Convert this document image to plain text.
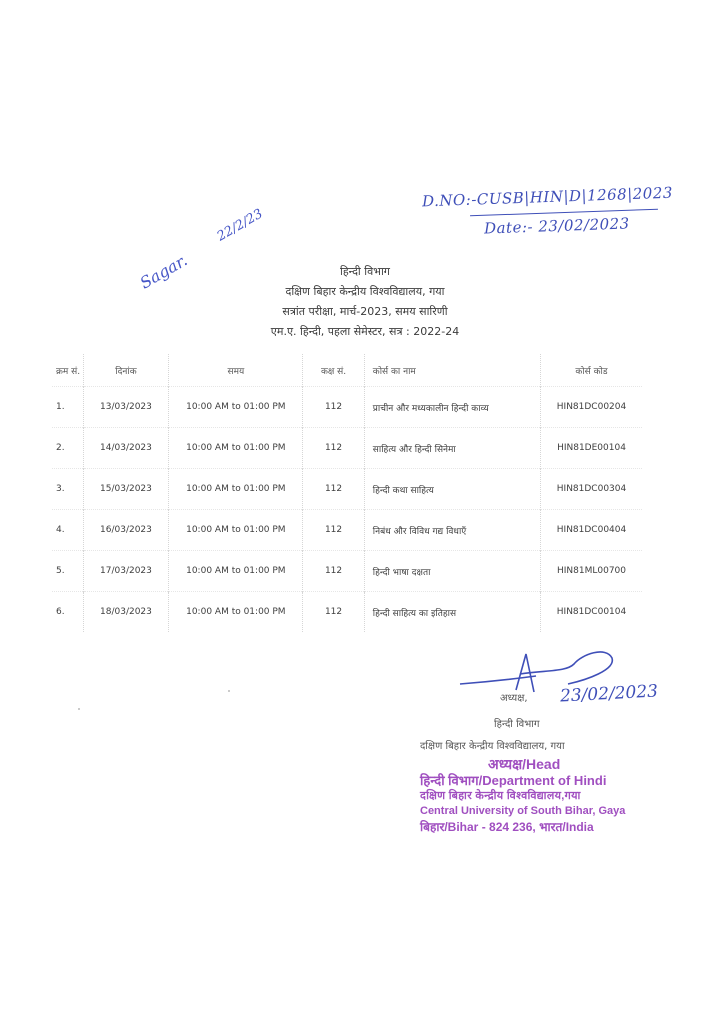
D.NO:-CUSB|HIN|D|1268|2023
Date:- 23/02/2023
22/2/23
Sagar.	हिन्दी विभाग
दक्षिण बिहार केन्द्रीय विश्वविद्यालय, गया
सत्रांत परीक्षा, मार्च-2023, समय सारिणी
एम.ए. हिन्दी, पहला सेमेस्टर, सत्र : 2022-24
क्रम सं.	दिनांक	समय	कक्ष सं.	कोर्स का नाम	कोर्स कोड
1.	13/03/2023	10:00 AM to 01:00 PM	112	प्राचीन और मध्यकालीन हिन्दी काव्य	HIN81DC00204
2.	14/03/2023	10:00 AM to 01:00 PM	112	साहित्य और हिन्दी सिनेमा	HIN81DE00104
3.	15/03/2023	10:00 AM to 01:00 PM	112	हिन्दी कथा साहित्य	HIN81DC00304
4.	16/03/2023	10:00 AM to 01:00 PM	112	निबंध और विविध गद्य विधाएँ	HIN81DC00404
5.	17/03/2023	10:00 AM to 01:00 PM	112	हिन्दी भाषा दक्षता	HIN81ML00700
6.	18/03/2023	10:00 AM to 01:00 PM	112	हिन्दी साहित्य का इतिहास	HIN81DC00104
अध्यक्ष, 23/02/2023
हिन्दी विभाग
दक्षिण बिहार केन्द्रीय विश्वविद्यालय, गया
अध्यक्ष/Head
हिन्दी विभाग/Department of Hindi
दक्षिण बिहार केन्द्रीय विश्वविद्यालय,गया
Central University of South Bihar, Gaya
बिहार/Bihar - 824 236, भारत/India
